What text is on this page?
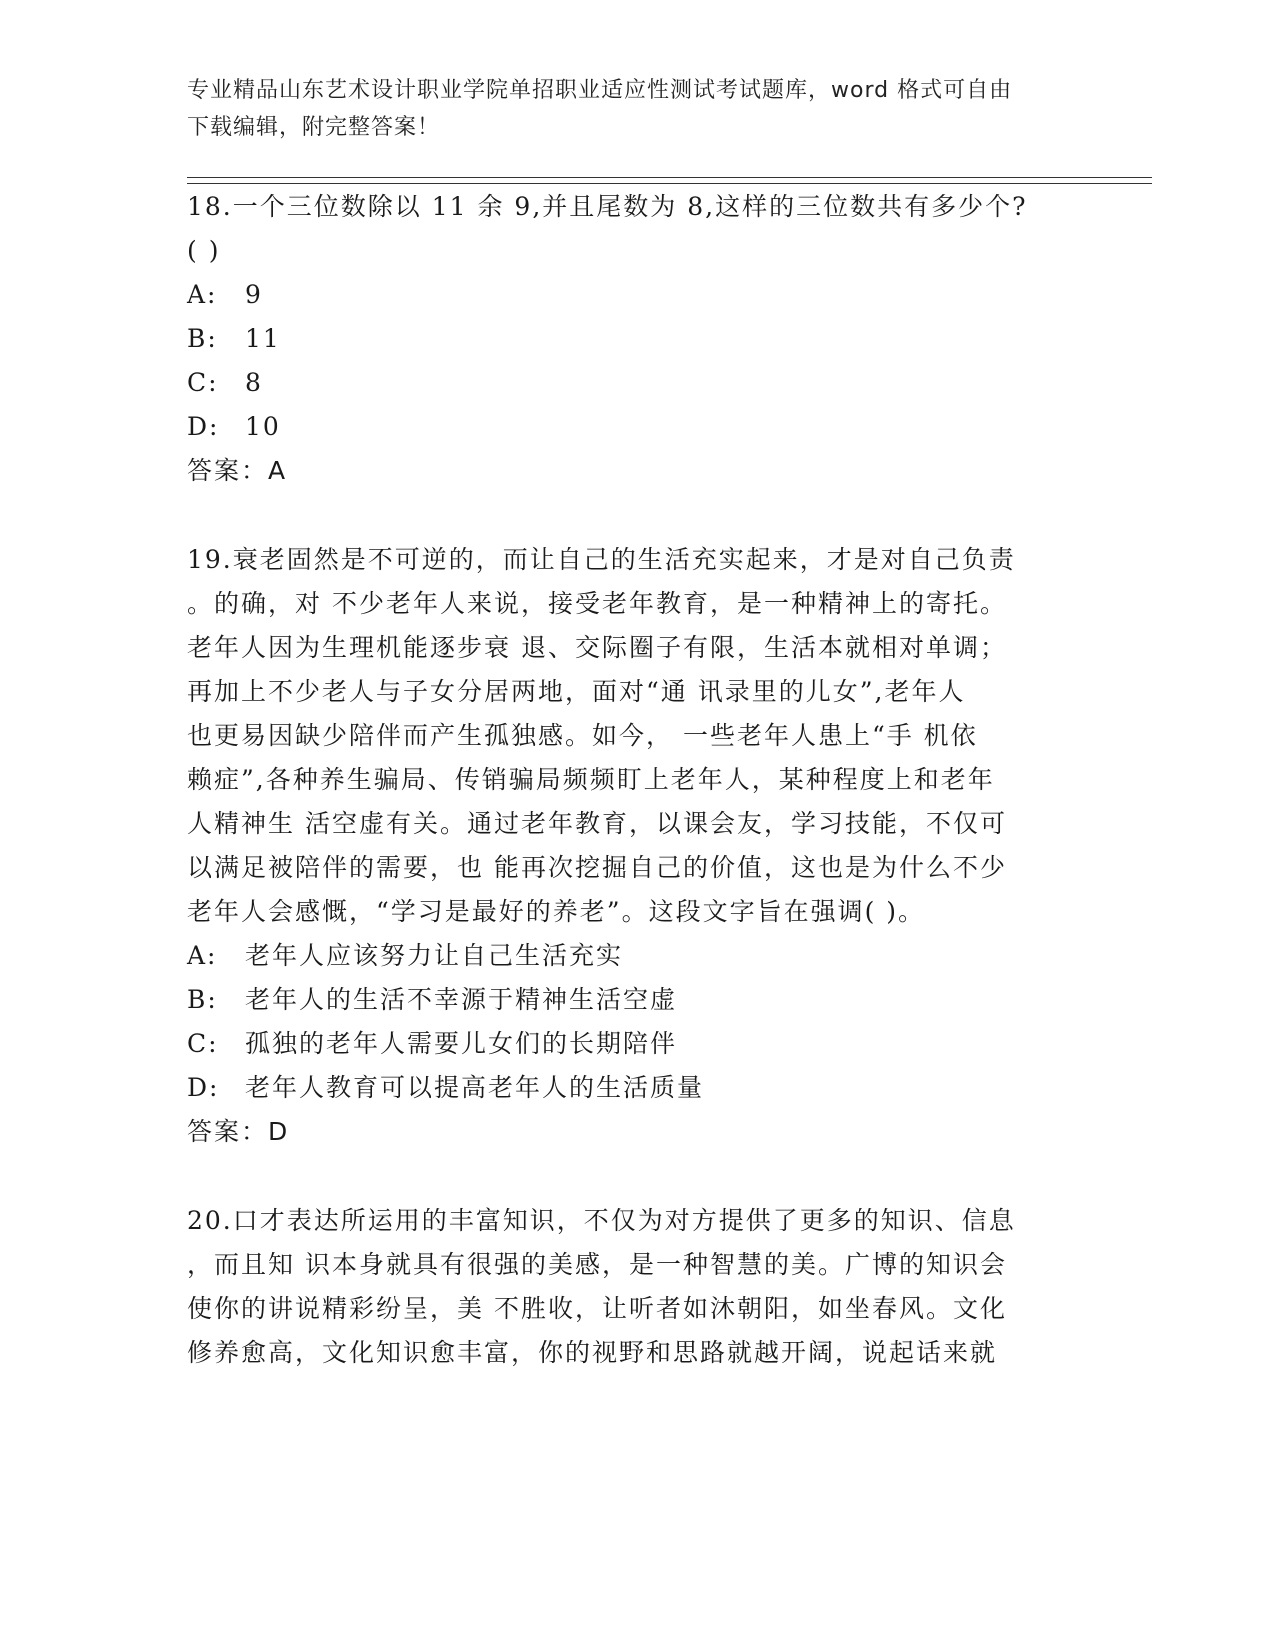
专业精品山东艺术设计职业学院单招职业适应性测试考试题库，word 格式可自由
下载编辑，附完整答案！
18.一个三位数除以 11 余 9,并且尾数为 8,这样的三位数共有多少个?
( )
A: 9
B: 11
C: 8
D: 10
答案：A
19.衰老固然是不可逆的，而让自己的生活充实起来，才是对自己负责
。的确，对 不少老年人来说，接受老年教育，是一种精神上的寄托。
老年人因为生理机能逐步衰 退、交际圈子有限，生活本就相对单调；
再加上不少老人与子女分居两地，面对“通 讯录里的儿女”,老年人
也更易因缺少陪伴而产生孤独感。如今， 一些老年人患上“手 机依
赖症”,各种养生骗局、传销骗局频频盯上老年人，某种程度上和老年
人精神生 活空虚有关。通过老年教育，以课会友，学习技能，不仅可
以满足被陪伴的需要，也 能再次挖掘自己的价值，这也是为什么不少
老年人会感慨，“学习是最好的养老”。这段文字旨在强调( )。
A: 老年人应该努力让自己生活充实
B: 老年人的生活不幸源于精神生活空虚
C: 孤独的老年人需要儿女们的长期陪伴
D: 老年人教育可以提高老年人的生活质量
答案：D
20.口才表达所运用的丰富知识，不仅为对方提供了更多的知识、信息
，而且知 识本身就具有很强的美感，是一种智慧的美。广博的知识会
使你的讲说精彩纷呈，美 不胜收，让听者如沐朝阳，如坐春风。文化
修养愈高，文化知识愈丰富，你的视野和思路就越开阔，说起话来就
